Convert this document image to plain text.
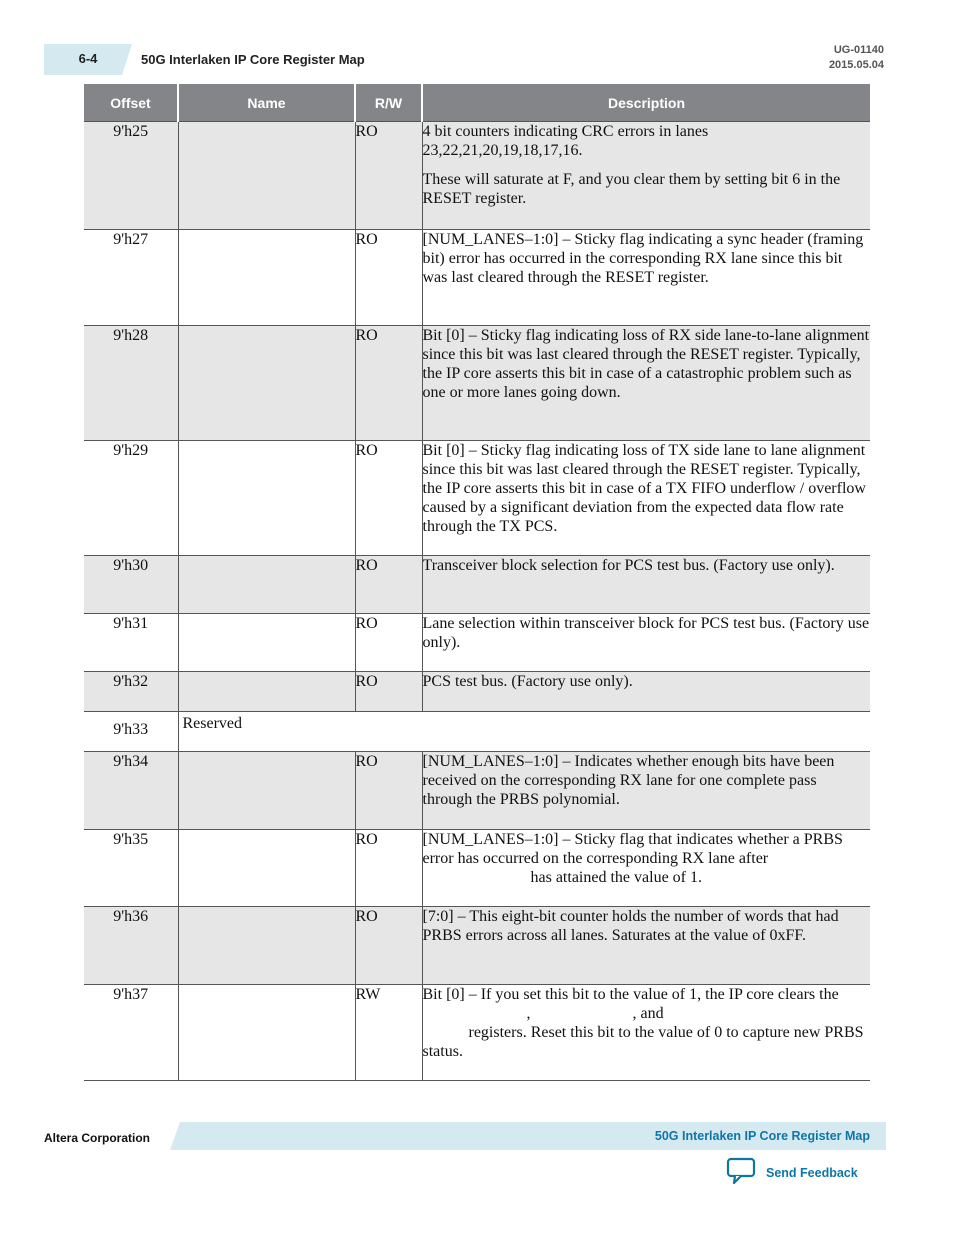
6-4	50G Interlaken IP Core Register Map
UG-01140
2015.05.04
Offset	Name	R/W	Description
9'h25		RO	4 bit counters indicating CRC errors in lanes 23,22,21,20,19,18,17,16.

These will saturate at F, and you clear them by setting bit 6 in the RESET register.

9'h27		RO	[NUM_LANES–1:0] – Sticky flag indicating a sync header (framing bit) error has occurred in the corresponding RX lane since this bit was last cleared through the RESET register.

9'h28		RO	Bit [0] – Sticky flag indicating loss of RX side lane-to-lane alignment since this bit was last cleared through the RESET register. Typically, the IP core asserts this bit in case of a catastrophic problem such as one or more lanes going down.

9'h29		RO	Bit [0] – Sticky flag indicating loss of TX side lane to lane alignment since this bit was last cleared through the RESET register. Typically, the IP core asserts this bit in case of a TX FIFO underflow / overflow caused by a significant deviation from the expected data flow rate through the TX PCS.

9'h30		RO	Transceiver block selection for PCS test bus. (Factory use only).

9'h31		RO	Lane selection within transceiver block for PCS test bus. (Factory use only).

9'h32		RO	PCS test bus. (Factory use only).

9'h33	Reserved		
9'h34		RO	[NUM_LANES–1:0] – Indicates whether enough bits have been received on the corresponding RX lane for one complete pass through the PRBS polynomial.

9'h35		RO	[NUM_LANES–1:0] – Sticky flag that indicates whether a PRBS error has occurred on the corresponding RX lane afterhas attained the value of 1.

9'h36		RO	[7:0] – This eight-bit counter holds the number of words that had PRBS errors across all lanes. Saturates at the value of 0xFF.

9'h37		RW	Bit [0] – If you set this bit to the value of 1, the IP core clears the, , and
registers. Reset this bit to the value of 0 to capture new PRBS status.

Altera Corporation	50G Interlaken IP Core Register Map
Send Feedback
